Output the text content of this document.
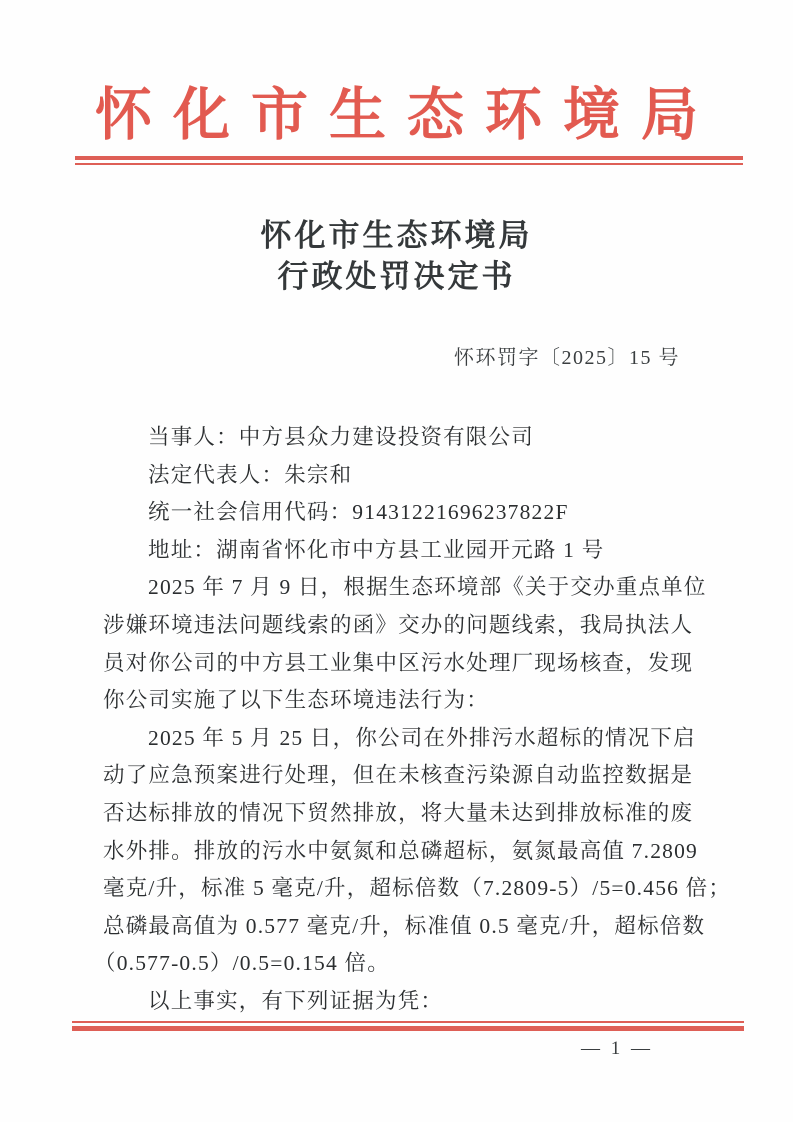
怀化市生态环境局
怀化市生态环境局
行政处罚决定书
怀环罚字〔2025〕15 号
当事人：中方县众力建设投资有限公司
法定代表人：朱宗和
统一社会信用代码：91431221696237822F
地址：湖南省怀化市中方县工业园开元路 1 号
2025 年 7 月 9 日，根据生态环境部《关于交办重点单位
涉嫌环境违法问题线索的函》交办的问题线索，我局执法人
员对你公司的中方县工业集中区污水处理厂现场核查，发现
你公司实施了以下生态环境违法行为：
2025 年 5 月 25 日，你公司在外排污水超标的情况下启
动了应急预案进行处理，但在未核查污染源自动监控数据是
否达标排放的情况下贸然排放，将大量未达到排放标准的废
水外排。排放的污水中氨氮和总磷超标，氨氮最高值 7.2809
毫克/升，标准 5 毫克/升，超标倍数（7.2809-5）/5=0.456 倍；
总磷最高值为 0.577 毫克/升，标准值 0.5 毫克/升，超标倍数
（0.577-0.5）/0.5=0.154 倍。
以上事实，有下列证据为凭：
— 1 —
